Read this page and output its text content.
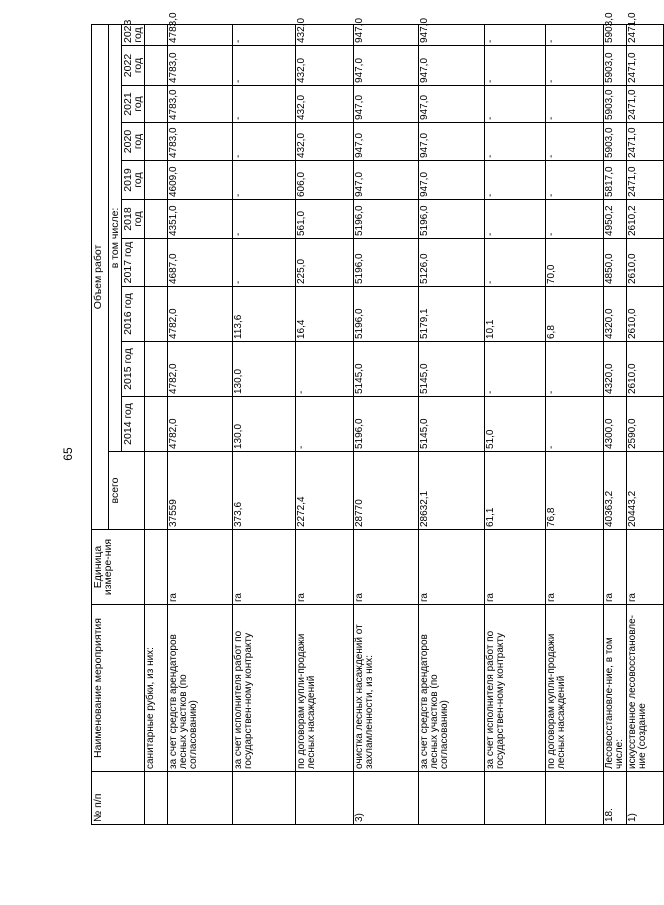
65
№ п/п	Наименование мероприятия	Единица измере-ния	Объем работ										
			всего	в том числе:									
				2014 год	2015 год	2016 год	2017 год	2018 год	2019 год	2020 год	2021 год	2022 год	2023 год
	санитарные рубки, из них:												
	за счет средств арендаторов лесных участков (по согласованию)	га	37559	4782,0	4782,0	4782,0	4687,0	4351,0	4609,0	4783,0	4783,0	4783,0	4783,0
	за счет исполнителя работ по государствен-ному контракту	га	373,6	130,0	130,0	113,6	-	-	-	-	-	-	-
	по договорам купли-продажи лесных насаждений	га	2272,4	-	-	16,4	225,0	561,0	606,0	432,0	432,0	432,0	432,0
3)	очистка лесных насаждений от захламленности, из них:	га	28770	5196,0	5145,0	5196,0	5196,0	5196,0	947,0	947,0	947,0	947,0	947,0
	за счет средств арендаторов лесных участков (по согласованию)	га	28632,1	5145,0	5145,0	5179,1	5126,0	5196,0	947,0	947,0	947,0	947,0	947,0
	за счет исполнителя работ по государствен-ному контракту	га	61,1	51,0	-	10,1	-	-	-	-	-	-	-
	по договорам купли-продажи лесных насаждений	га	76,8	-	-	6,8	70,0	-	-	-	-	-	-
18.	Лесовосстановле-ние, в том числе:	га	40363,2	4300,0	4320,0	4320,0	4850,0	4950,2	5817,0	5903,0	5903,0	5903,0	5903,0
1)	искусственное лесовосстановле-ние (создание	га	20443,2	2590,0	2610,0	2610,0	2610,0	2610,2	2471,0	2471,0	2471,0	2471,0	2471,0
